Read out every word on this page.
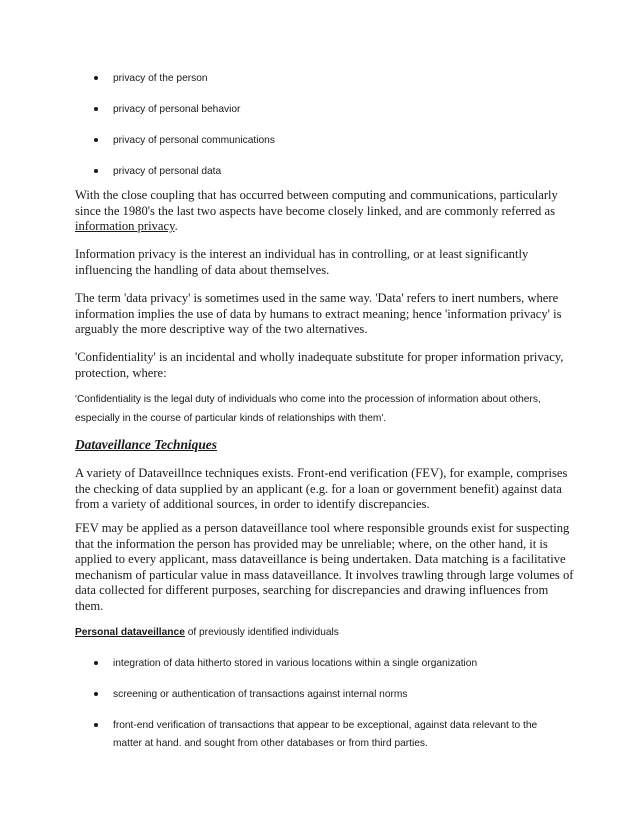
privacy of the person
privacy of personal behavior
privacy of personal communications
privacy of personal data

With the close coupling that has occurred between computing and communications, particularly since the 1980's the last two aspects have become closely linked, and are commonly referred as information privacy.

Information privacy is the interest an individual has in controlling, or at least significantly influencing the handling of data about themselves.

The term 'data privacy' is sometimes used in the same way. 'Data' refers to inert numbers, where information implies the use of data by humans to extract meaning; hence 'information privacy' is arguably the more descriptive way of the two alternatives.

'Confidentiality' is an incidental and wholly inadequate substitute for proper information privacy, protection, where:

'Confidentiality is the legal duty of individuals who come into the procession of information about others, especially in the course of particular kinds of relationships with them'.

Dataveillance Techniques

A variety of Dataveillnce techniques exists. Front-end verification (FEV), for example, comprises the checking of data supplied by an applicant (e.g. for a loan or government benefit) against data from a variety of additional sources, in order to identify discrepancies.

FEV may be applied as a person dataveillance tool where responsible grounds exist for suspecting that the information the person has provided may be unreliable; where, on the other hand, it is applied to every applicant, mass dataveillance is being undertaken. Data matching is a facilitative mechanism of particular value in mass dataveillance. It involves trawling through large volumes of data collected for different purposes, searching for discrepancies and drawing influences from them.

Personal dataveillance of previously identified individuals

integration of data hitherto stored in various locations within a single organization
screening or authentication of transactions against internal norms
front-end verification of transactions that appear to be exceptional, against data relevant to the matter at hand. and sought from other databases or from third parties.
